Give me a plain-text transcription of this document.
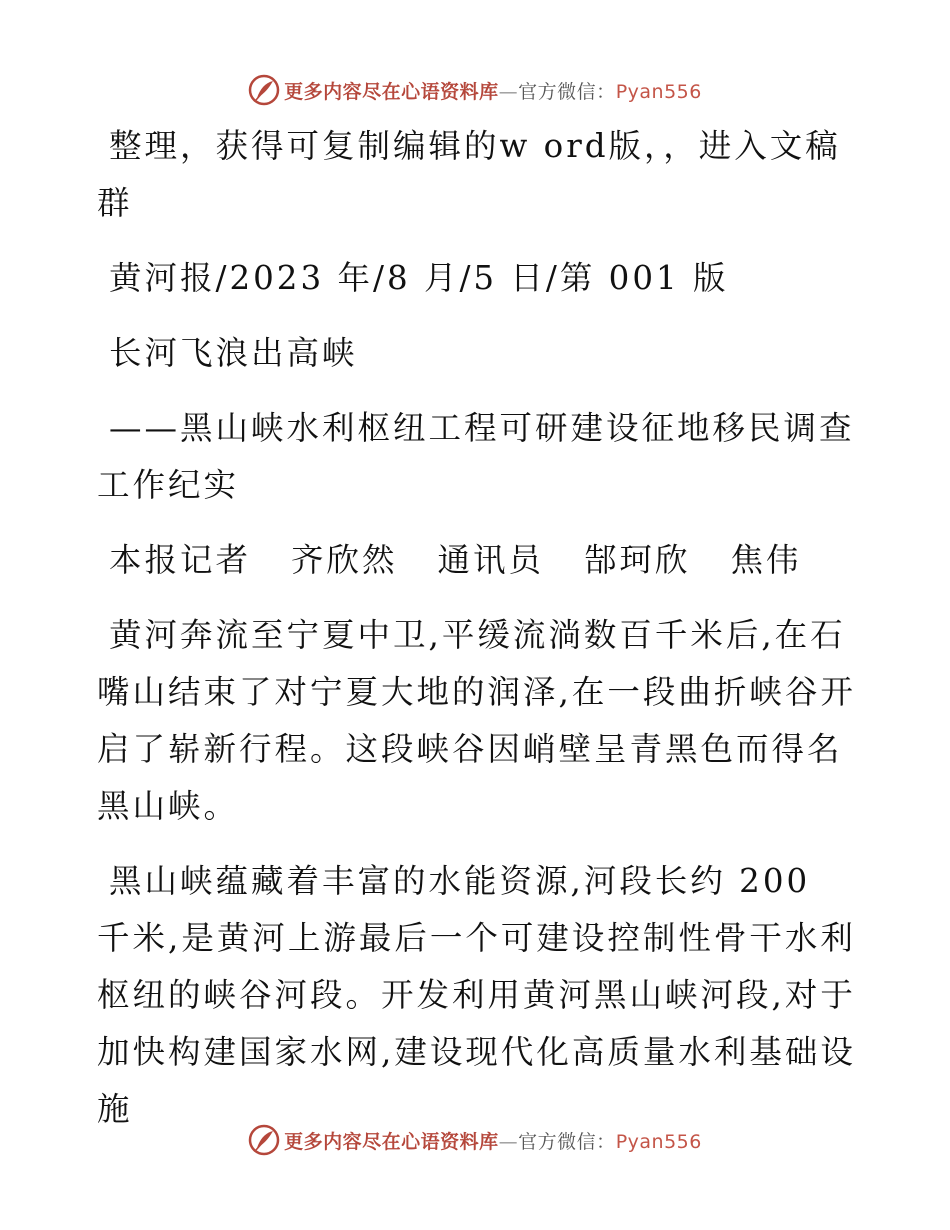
更多内容尽在心语资料库—官方微信：Pyan556

整理，获得可复制编辑的w ord版，，进入文稿群

黄河报/2023 年/8 月/5 日/第 001 版

长河飞浪出高峡

——黑山峡水利枢纽工程可研建设征地移民调查工作纪实

本报记者   齐欣然   通讯员   郜珂欣   焦伟

黄河奔流至宁夏中卫,平缓流淌数百千米后,在石嘴山结束了对宁夏大地的润泽,在一段曲折峡谷开启了崭新行程。这段峡谷因峭壁呈青黑色而得名黑山峡。

黑山峡蕴藏着丰富的水能资源,河段长约 200 千米,是黄河上游最后一个可建设控制性骨干水利枢纽的峡谷河段。开发利用黄河黑山峡河段,对于加快构建国家水网,建设现代化高质量水利基础设施

更多内容尽在心语资料库—官方微信：Pyan556
